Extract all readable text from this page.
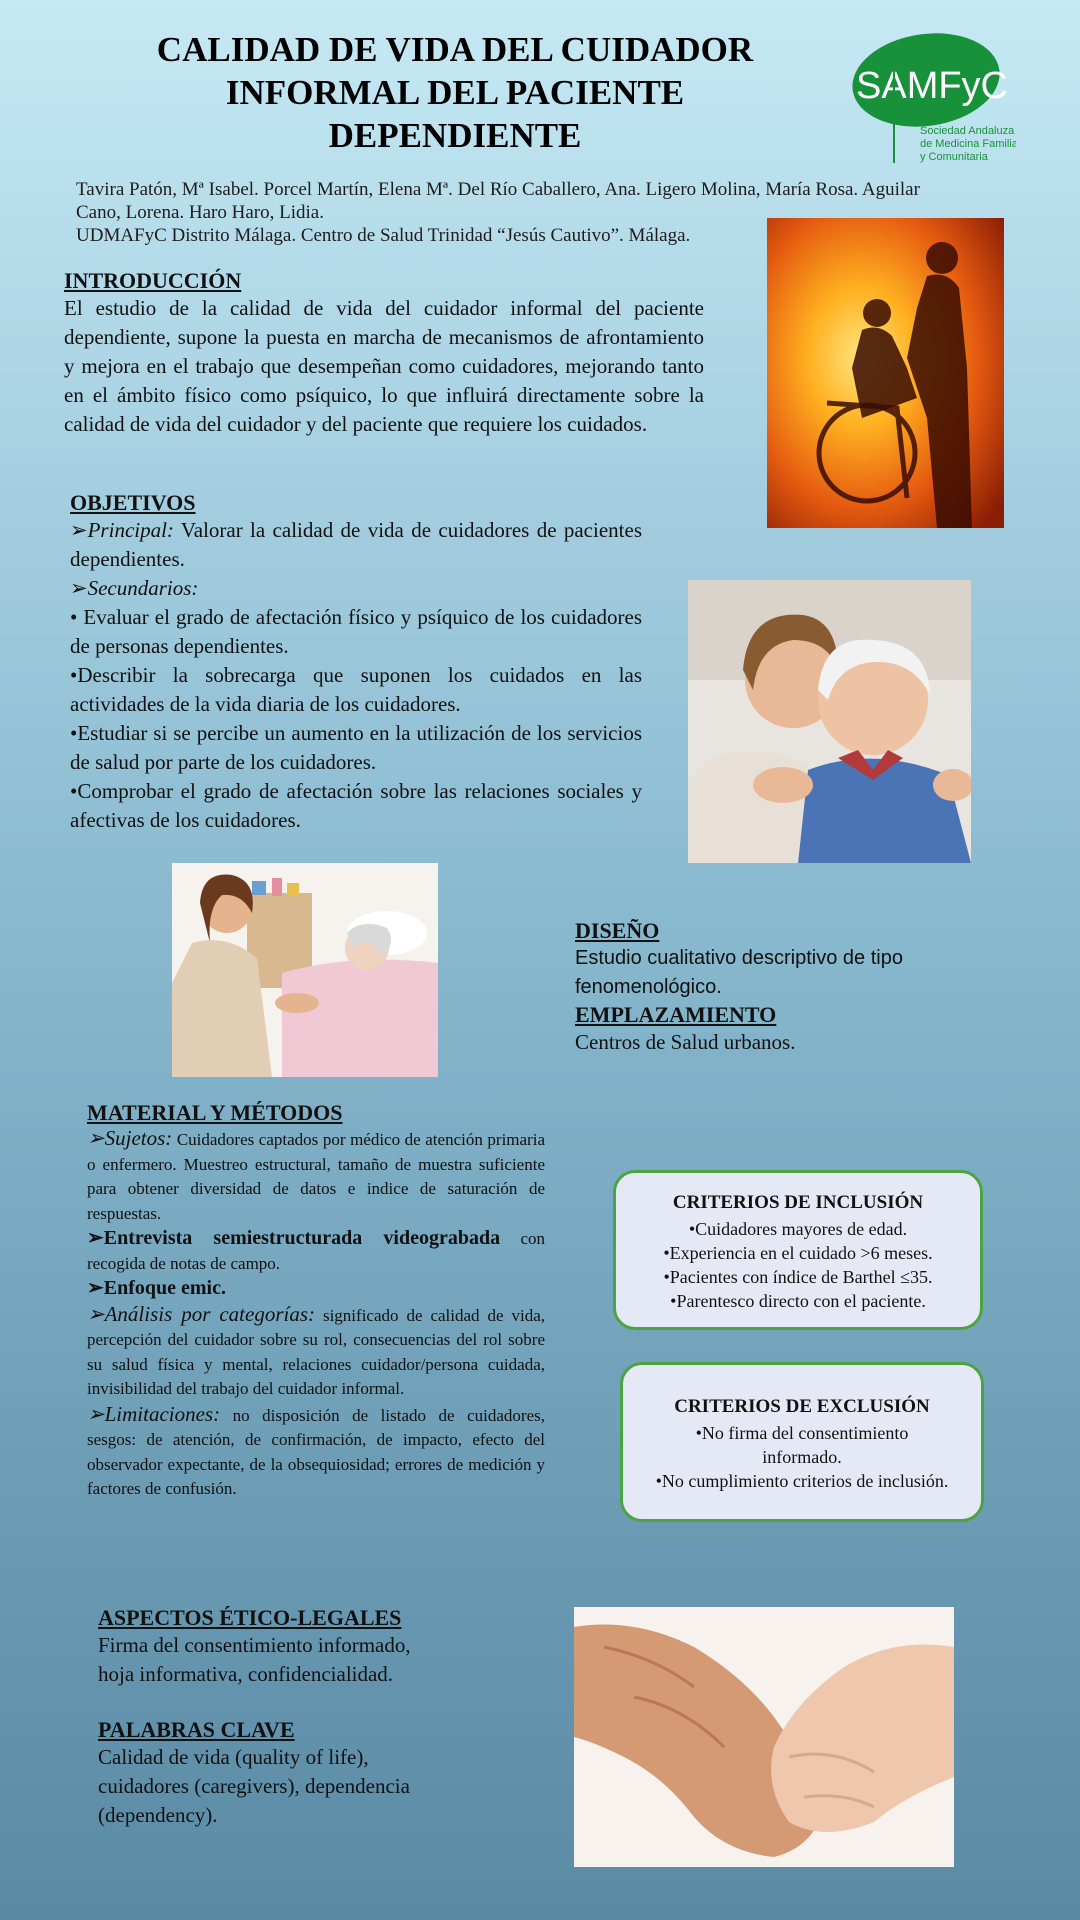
CALIDAD DE VIDA DEL CUIDADOR
INFORMAL DEL PACIENTE
DEPENDIENTE
SAMFyC
Sociedad Andaluza
de Medicina Familiar
y Comunitaria
Tavira Patón, Mª Isabel. Porcel Martín, Elena Mª. Del Río Caballero, Ana. Ligero Molina, María Rosa. Aguilar
Cano, Lorena. Haro Haro, Lidia.
UDMAFyC Distrito Málaga. Centro de Salud Trinidad “Jesús Cautivo”. Málaga.
INTRODUCCIÓN
El estudio de la calidad de vida del cuidador informal del paciente dependiente, supone la puesta en marcha de mecanismos de afrontamiento y mejora en el trabajo que desempeñan como cuidadores, mejorando tanto en el ámbito físico como psíquico, lo que influirá directamente sobre la calidad de vida del cuidador y del paciente que requiere los cuidados.
OBJETIVOS

➢Principal: Valorar la calidad de vida de cuidadores de pacientes dependientes.

➢Secundarios:

• Evaluar el grado de afectación físico y psíquico de los cuidadores de personas dependientes.

•Describir la sobrecarga que suponen los cuidados en las actividades de la vida diaria de los cuidadores.

•Estudiar si se percibe un aumento en la utilización de los servicios de salud por parte de los cuidadores.

•Comprobar el grado de afectación sobre las relaciones sociales y afectivas de los cuidadores.

DISEÑO
Estudio cualitativo descriptivo de tipo fenomenológico.
EMPLAZAMIENTO
Centros de Salud urbanos.
MATERIAL Y MÉTODOS
➢Sujetos: Cuidadores captados por médico de atención primaria o enfermero. Muestreo estructural, tamaño de muestra suficiente para obtener diversidad de datos e indice de saturación de respuestas.
➢Entrevista semiestructurada videograbada con recogida de notas de campo.
➢Enfoque emic.
➢Análisis por categorías: significado de calidad de vida, percepción del cuidador sobre su rol, consecuencias del rol sobre su salud física y mental, relaciones cuidador/persona cuidada, invisibilidad del trabajo del cuidador informal.
➢Limitaciones: no disposición de listado de cuidadores, sesgos: de atención, de confirmación, de impacto, efecto del observador expectante, de la obsequiosidad; errores de medición y factores de confusión.
CRITERIOS DE INCLUSIÓN
•Cuidadores mayores de edad.
•Experiencia en el cuidado >6 meses.
•Pacientes con índice de Barthel ≤35.
•Parentesco directo con el paciente.
CRITERIOS DE EXCLUSIÓN
•No firma del consentimiento informado.
•No cumplimiento criterios de inclusión.
ASPECTOS ÉTICO-LEGALES
Firma del consentimiento informado,
hoja informativa, confidencialidad.
PALABRAS CLAVE
Calidad de vida (quality of life),
cuidadores (caregivers), dependencia
(dependency).
